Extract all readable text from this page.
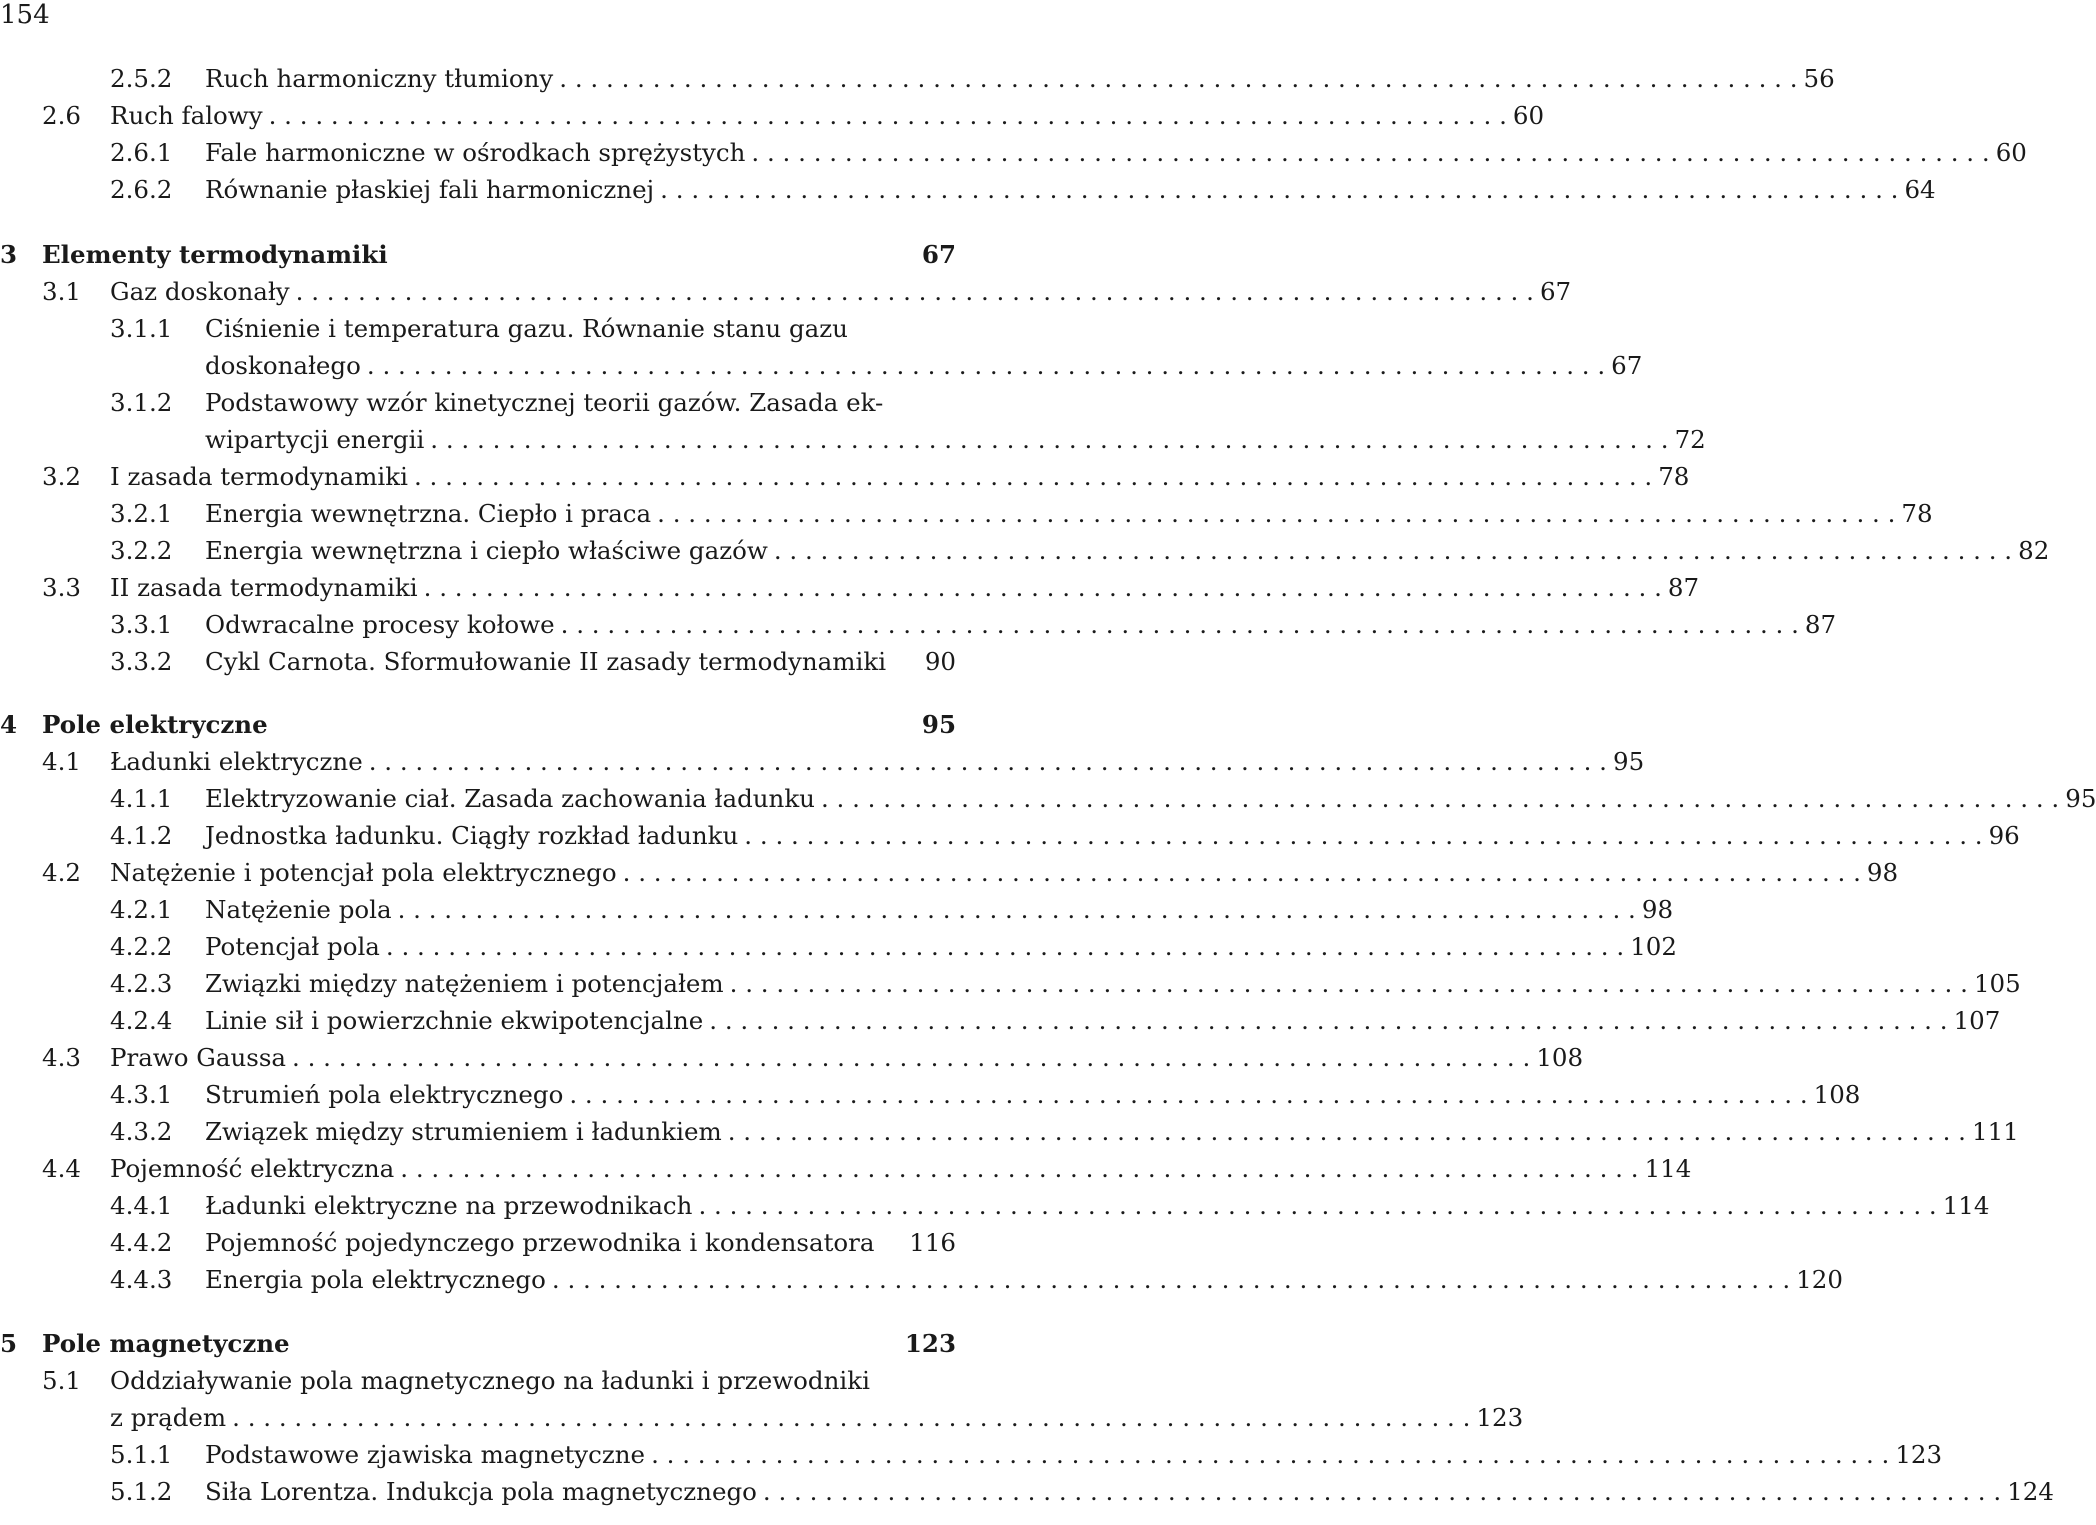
154
2.5.2	Ruch harmoniczny tłumiony . . . . . . . . . . . . . . . . . . . . . . . . . . . . . . . . . . . . . . . . . . . . . . . . . . . . . . . . . . . . . . . . . . . . . . . . . . . . . . . . 56
2.6	Ruch falowy . . . . . . . . . . . . . . . . . . . . . . . . . . . . . . . . . . . . . . . . . . . . . . . . . . . . . . . . . . . . . . . . . . . . . . . . . . . . . . . . 60
2.6.1	Fale harmoniczne w ośrodkach sprężystych . . . . . . . . . . . . . . . . . . . . . . . . . . . . . . . . . . . . . . . . . . . . . . . . . . . . . . . . . . . . . . . . . . . . . . . . . . . . . . . . 60
2.6.2	Równanie płaskiej fali harmonicznej . . . . . . . . . . . . . . . . . . . . . . . . . . . . . . . . . . . . . . . . . . . . . . . . . . . . . . . . . . . . . . . . . . . . . . . . . . . . . . . . 64
3	Elementy termodynamiki	67
3.1	Gaz doskonały . . . . . . . . . . . . . . . . . . . . . . . . . . . . . . . . . . . . . . . . . . . . . . . . . . . . . . . . . . . . . . . . . . . . . . . . . . . . . . . . 67
3.1.1	Ciśnienie i temperatura gazu. Równanie stanu gazu
doskonałego . . . . . . . . . . . . . . . . . . . . . . . . . . . . . . . . . . . . . . . . . . . . . . . . . . . . . . . . . . . . . . . . . . . . . . . . . . . . . . . . 67
3.1.2	Podstawowy wzór kinetycznej teorii gazów. Zasada ek-
wipartycji energii . . . . . . . . . . . . . . . . . . . . . . . . . . . . . . . . . . . . . . . . . . . . . . . . . . . . . . . . . . . . . . . . . . . . . . . . . . . . . . . . 72
3.2	I zasada termodynamiki . . . . . . . . . . . . . . . . . . . . . . . . . . . . . . . . . . . . . . . . . . . . . . . . . . . . . . . . . . . . . . . . . . . . . . . . . . . . . . . . 78
3.2.1	Energia wewnętrzna. Ciepło i praca . . . . . . . . . . . . . . . . . . . . . . . . . . . . . . . . . . . . . . . . . . . . . . . . . . . . . . . . . . . . . . . . . . . . . . . . . . . . . . . . 78
3.2.2	Energia wewnętrzna i ciepło właściwe gazów . . . . . . . . . . . . . . . . . . . . . . . . . . . . . . . . . . . . . . . . . . . . . . . . . . . . . . . . . . . . . . . . . . . . . . . . . . . . . . . . 82
3.3	II zasada termodynamiki . . . . . . . . . . . . . . . . . . . . . . . . . . . . . . . . . . . . . . . . . . . . . . . . . . . . . . . . . . . . . . . . . . . . . . . . . . . . . . . . 87
3.3.1	Odwracalne procesy kołowe . . . . . . . . . . . . . . . . . . . . . . . . . . . . . . . . . . . . . . . . . . . . . . . . . . . . . . . . . . . . . . . . . . . . . . . . . . . . . . . . 87
3.3.2	Cykl Carnota. Sformułowanie II zasady termodynamiki 90
4	Pole elektryczne	95
4.1	Ładunki elektryczne . . . . . . . . . . . . . . . . . . . . . . . . . . . . . . . . . . . . . . . . . . . . . . . . . . . . . . . . . . . . . . . . . . . . . . . . . . . . . . . . 95
4.1.1	Elektryzowanie ciał. Zasada zachowania ładunku . . . . . . . . . . . . . . . . . . . . . . . . . . . . . . . . . . . . . . . . . . . . . . . . . . . . . . . . . . . . . . . . . . . . . . . . . . . . . . . . 95
4.1.2	Jednostka ładunku. Ciągły rozkład ładunku . . . . . . . . . . . . . . . . . . . . . . . . . . . . . . . . . . . . . . . . . . . . . . . . . . . . . . . . . . . . . . . . . . . . . . . . . . . . . . . . 96
4.2	Natężenie i potencjał pola elektrycznego . . . . . . . . . . . . . . . . . . . . . . . . . . . . . . . . . . . . . . . . . . . . . . . . . . . . . . . . . . . . . . . . . . . . . . . . . . . . . . . . 98
4.2.1	Natężenie pola . . . . . . . . . . . . . . . . . . . . . . . . . . . . . . . . . . . . . . . . . . . . . . . . . . . . . . . . . . . . . . . . . . . . . . . . . . . . . . . . 98
4.2.2	Potencjał pola . . . . . . . . . . . . . . . . . . . . . . . . . . . . . . . . . . . . . . . . . . . . . . . . . . . . . . . . . . . . . . . . . . . . . . . . . . . . . . . . 102
4.2.3	Związki między natężeniem i potencjałem . . . . . . . . . . . . . . . . . . . . . . . . . . . . . . . . . . . . . . . . . . . . . . . . . . . . . . . . . . . . . . . . . . . . . . . . . . . . . . . . 105
4.2.4	Linie sił i powierzchnie ekwipotencjalne . . . . . . . . . . . . . . . . . . . . . . . . . . . . . . . . . . . . . . . . . . . . . . . . . . . . . . . . . . . . . . . . . . . . . . . . . . . . . . . . 107
4.3	Prawo Gaussa . . . . . . . . . . . . . . . . . . . . . . . . . . . . . . . . . . . . . . . . . . . . . . . . . . . . . . . . . . . . . . . . . . . . . . . . . . . . . . . . 108
4.3.1	Strumień pola elektrycznego . . . . . . . . . . . . . . . . . . . . . . . . . . . . . . . . . . . . . . . . . . . . . . . . . . . . . . . . . . . . . . . . . . . . . . . . . . . . . . . . 108
4.3.2	Związek między strumieniem i ładunkiem . . . . . . . . . . . . . . . . . . . . . . . . . . . . . . . . . . . . . . . . . . . . . . . . . . . . . . . . . . . . . . . . . . . . . . . . . . . . . . . . 111
4.4	Pojemność elektryczna . . . . . . . . . . . . . . . . . . . . . . . . . . . . . . . . . . . . . . . . . . . . . . . . . . . . . . . . . . . . . . . . . . . . . . . . . . . . . . . . 114
4.4.1	Ładunki elektryczne na przewodnikach . . . . . . . . . . . . . . . . . . . . . . . . . . . . . . . . . . . . . . . . . . . . . . . . . . . . . . . . . . . . . . . . . . . . . . . . . . . . . . . . 114
4.4.2	Pojemność pojedynczego przewodnika i kondensatora 116
4.4.3	Energia pola elektrycznego . . . . . . . . . . . . . . . . . . . . . . . . . . . . . . . . . . . . . . . . . . . . . . . . . . . . . . . . . . . . . . . . . . . . . . . . . . . . . . . . 120
5	Pole magnetyczne	123
5.1	Oddziaływanie pola magnetycznego na ładunki i przewodniki
z prądem . . . . . . . . . . . . . . . . . . . . . . . . . . . . . . . . . . . . . . . . . . . . . . . . . . . . . . . . . . . . . . . . . . . . . . . . . . . . . . . . 123
5.1.1	Podstawowe zjawiska magnetyczne . . . . . . . . . . . . . . . . . . . . . . . . . . . . . . . . . . . . . . . . . . . . . . . . . . . . . . . . . . . . . . . . . . . . . . . . . . . . . . . . 123
5.1.2	Siła Lorentza. Indukcja pola magnetycznego . . . . . . . . . . . . . . . . . . . . . . . . . . . . . . . . . . . . . . . . . . . . . . . . . . . . . . . . . . . . . . . . . . . . . . . . . . . . . . . . 124
